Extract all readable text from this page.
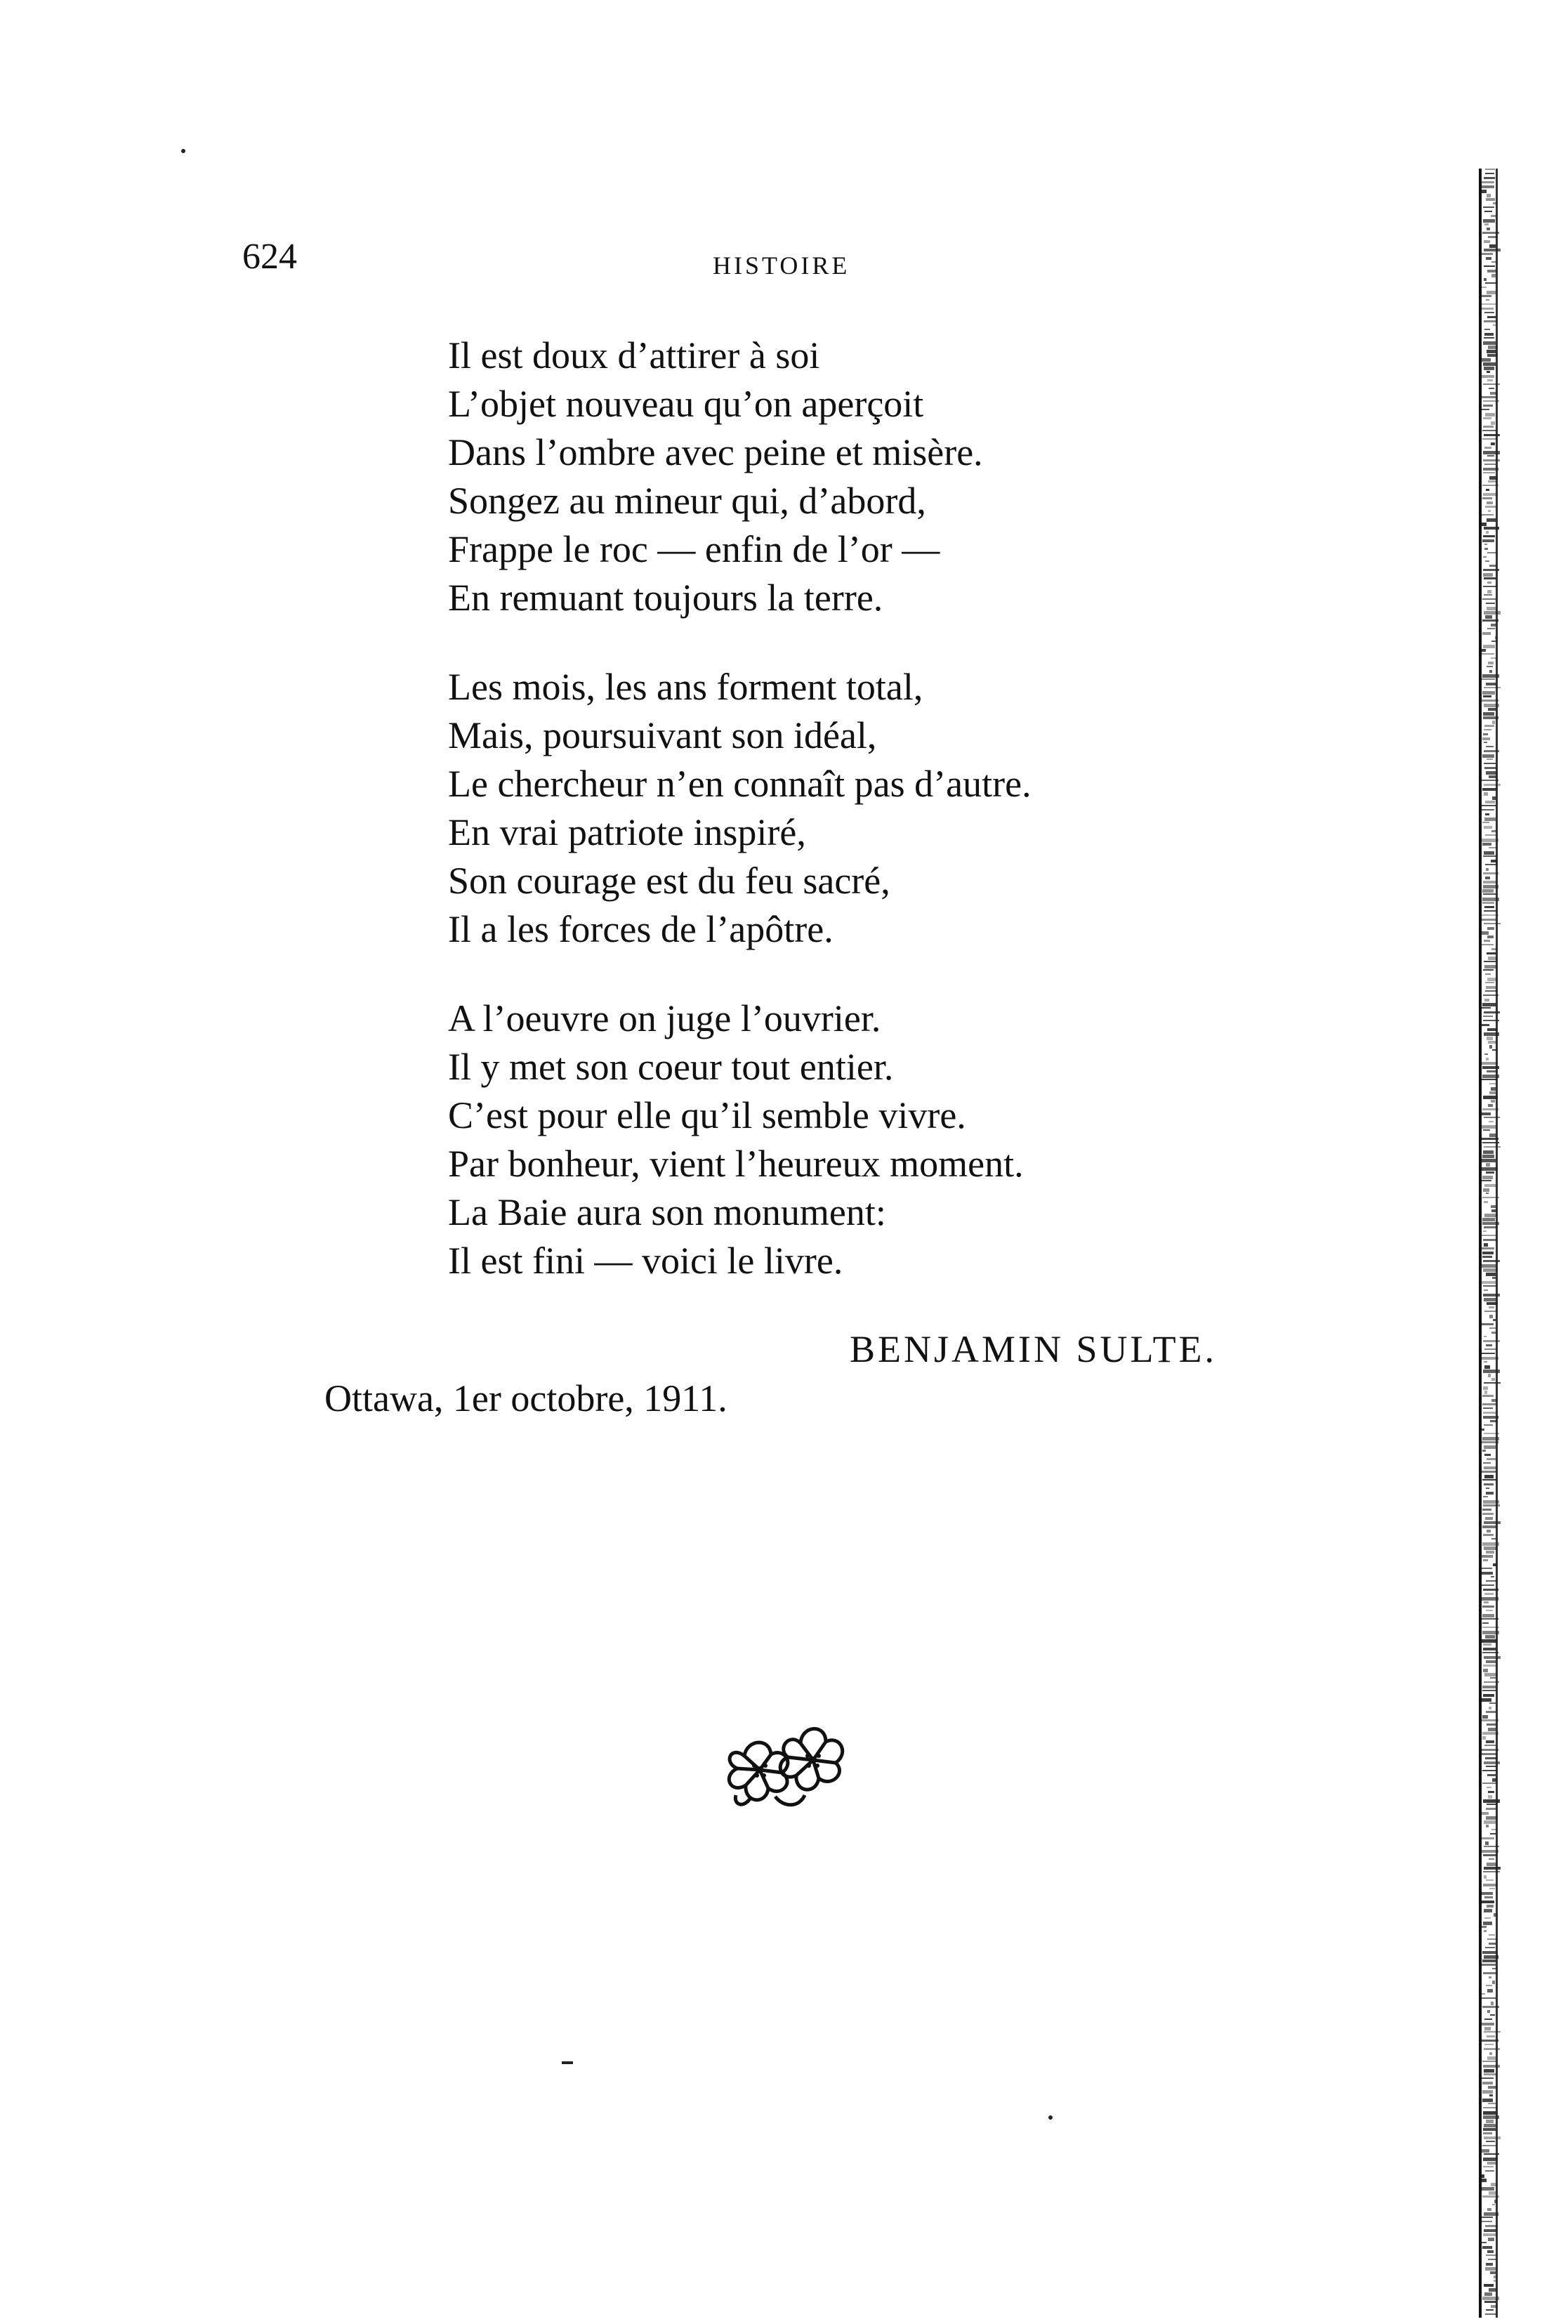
624	HISTOIRE
Il est doux d’attirer à soi
L’objet nouveau qu’on aperçoit
Dans l’ombre avec peine et misère.
Songez au mineur qui, d’abord,
Frappe le roc — enfin de l’or —
En remuant toujours la terre.
Les mois, les ans forment total,
Mais, poursuivant son idéal,
Le chercheur n’en connaît pas d’autre.
En vrai patriote inspiré,
Son courage est du feu sacré,
Il a les forces de l’apôtre.
A l’oeuvre on juge l’ouvrier.
Il y met son coeur tout entier.
C’est pour elle qu’il semble vivre.
Par bonheur, vient l’heureux moment.
La Baie aura son monument:
Il est fini — voici le livre.
BENJAMIN SULTE.
Ottawa, 1er octobre, 1911.
